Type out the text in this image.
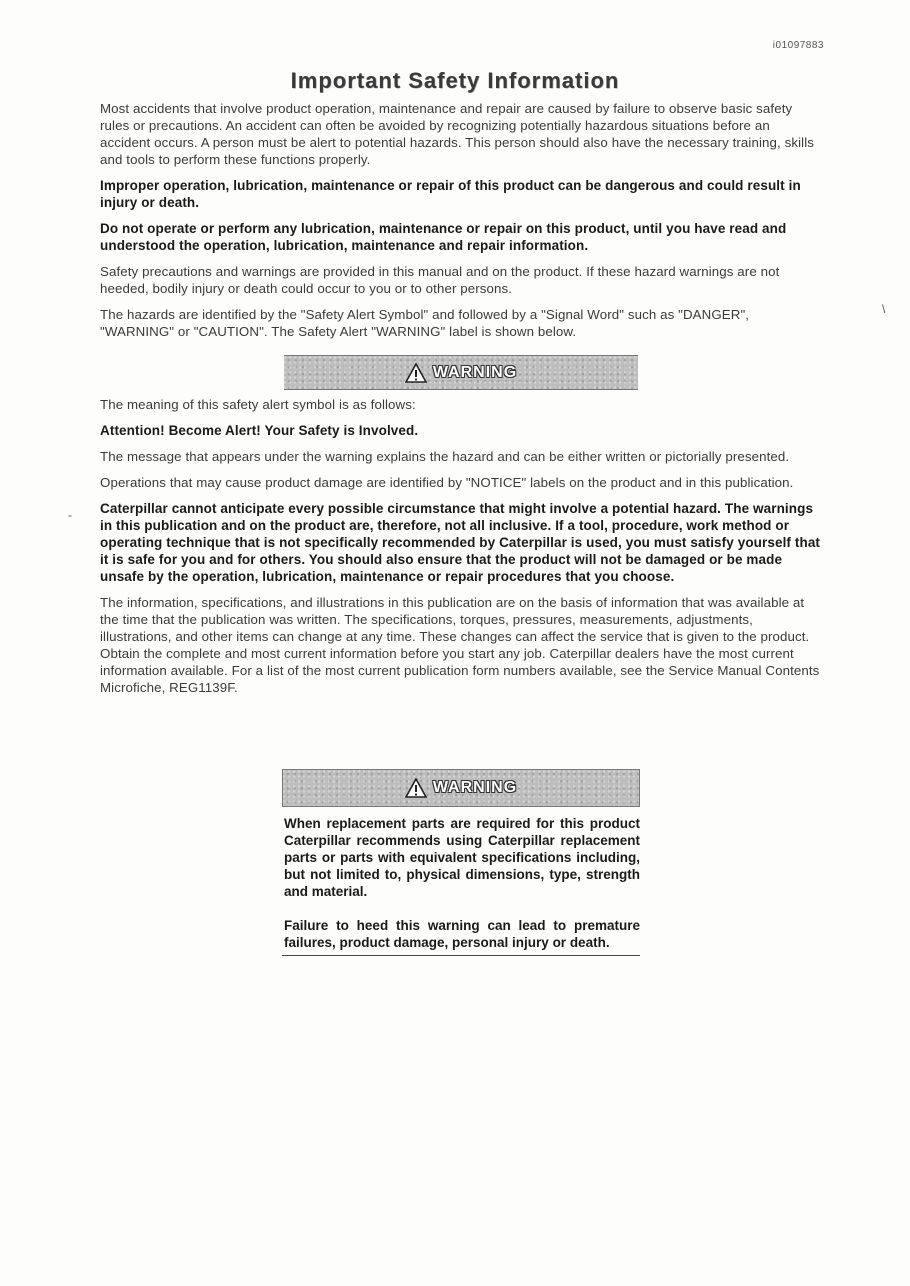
i01097883
Important Safety Information

Most accidents that involve product operation, maintenance and repair are caused by failure to observe basic safety rules or precautions. An accident can often be avoided by recognizing potentially hazardous situations before an accident occurs. A person must be alert to potential hazards. This person should also have the necessary training, skills and tools to perform these functions properly.

Improper operation, lubrication, maintenance or repair of this product can be dangerous and could result in injury or death.

Do not operate or perform any lubrication, maintenance or repair on this product, until you have read and understood the operation, lubrication, maintenance and repair information.

Safety precautions and warnings are provided in this manual and on the product. If these hazard warnings are not heeded, bodily injury or death could occur to you or to other persons.

The hazards are identified by the "Safety Alert Symbol" and followed by a "Signal Word" such as "DANGER", "WARNING" or "CAUTION". The Safety Alert "WARNING" label is shown below.

The meaning of this safety alert symbol is as follows:

Attention! Become Alert! Your Safety is Involved.

The message that appears under the warning explains the hazard and can be either written or pictorially presented.

Operations that may cause product damage are identified by "NOTICE" labels on the product and in this publication.

Caterpillar cannot anticipate every possible circumstance that might involve a potential hazard. The warnings in this publication and on the product are, therefore, not all inclusive. If a tool, procedure, work method or operating technique that is not specifically recommended by Caterpillar is used, you must satisfy yourself that it is safe for you and for others. You should also ensure that the product will not be damaged or be made unsafe by the operation, lubrication, maintenance or repair procedures that you choose.

The information, specifications, and illustrations in this publication are on the basis of information that was available at the time that the publication was written. The specifications, torques, pressures, measurements, adjustments, illustrations, and other items can change at any time. These changes can affect the service that is given to the product. Obtain the complete and most current information before you start any job. Caterpillar dealers have the most current information available. For a list of the most current publication form numbers available, see the Service Manual Contents Microfiche, REG1139F.

WARNING
WARNING

When replacement parts are required for this product Caterpillar recommends using Caterpillar replacement parts or parts with equivalent specifications including, but not limited to, physical dimensions, type, strength and material.

Failure to heed this warning can lead to premature failures, product damage, personal injury or death.

\
-
